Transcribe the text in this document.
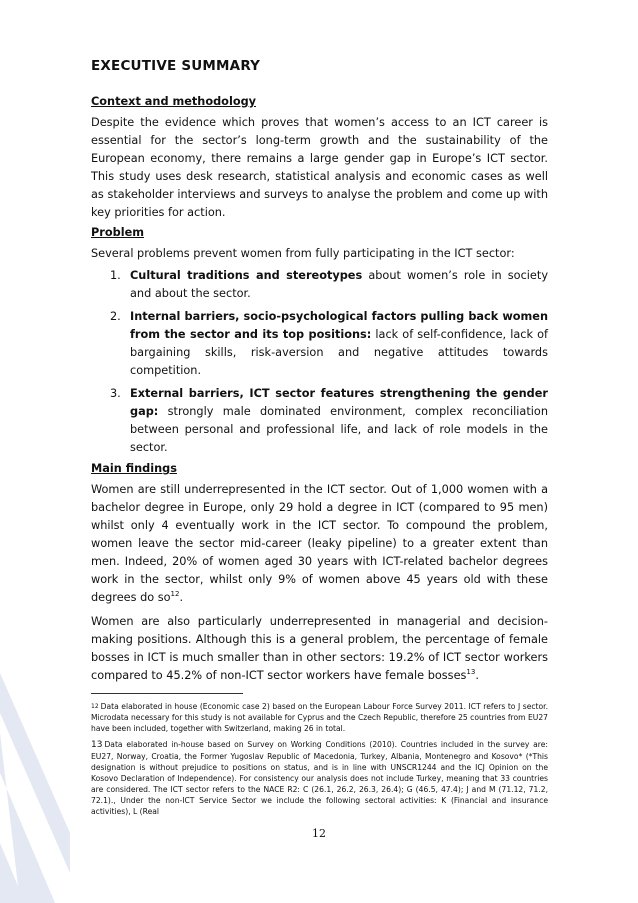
EXECUTIVE SUMMARY
Context and methodology

Despite the evidence which proves that women’s access to an ICT career is essential for the sector’s long-term growth and the sustainability of the European economy, there remains a large gender gap in Europe’s ICT sector. This study uses desk research, statistical analysis and economic cases as well as stakeholder interviews and surveys to analyse the problem and come up with key priorities for action.

Problem

Several problems prevent women from fully participating in the ICT sector:

1. Cultural traditions and stereotypes about women’s role in society and about the sector.
2. Internal barriers, socio-psychological factors pulling back women from the sector and its top positions: lack of self-confidence, lack of bargaining skills, risk-aversion and negative attitudes towards competition.
3. External barriers, ICT sector features strengthening the gender gap: strongly male dominated environment, complex reconciliation between personal and professional life, and lack of role models in the sector.
Main findings

Women are still underrepresented in the ICT sector. Out of 1,000 women with a bachelor degree in Europe, only 29 hold a degree in ICT (compared to 95 men) whilst only 4 eventually work in the ICT sector. To compound the problem, women leave the sector mid-career (leaky pipeline) to a greater extent than men. Indeed, 20% of women aged 30 years with ICT-related bachelor degrees work in the sector, whilst only 9% of women above 45 years old with these degrees do $so^{12}$.

Women are also particularly underrepresented in managerial and decision-making positions. Although this is a general problem, the percentage of female bosses in ICT is much smaller than in other sectors: 19.2% of ICT sector workers compared to 45.2% of non-ICT sector workers have female bosses$^{13}$.

$^{12}$ Data elaborated in house (Economic case 2) based on the European Labour Force Survey 2011. ICT refers to J sector. Microdata necessary for this study is not available for Cyprus and the Czech Republic, therefore 25 countries from EU27 have been included, together with Switzerland, making 26 in total.

13 Data elaborated in-house based on Survey on Working Conditions (2010). Countries included in the survey are: EU27, Norway, Croatia, the Former Yugoslav Republic of Macedonia, Turkey, Albania, Montenegro and Kosovo* (*This designation is without prejudice to positions on status, and is in line with UNSCR1244 and the ICJ Opinion on the Kosovo Declaration of Independence). For consistency our analysis does not include Turkey, meaning that 33 countries are considered. The ICT sector refers to the NACE R2: C (26.1, 26.2, 26.3, 26.4); G (46.5, 47.4); J and M (71.12, 71.2, 72.1)., Under the non-ICT Service Sector we include the following sectoral activities: K (Financial and insurance activities), L (Real

12
